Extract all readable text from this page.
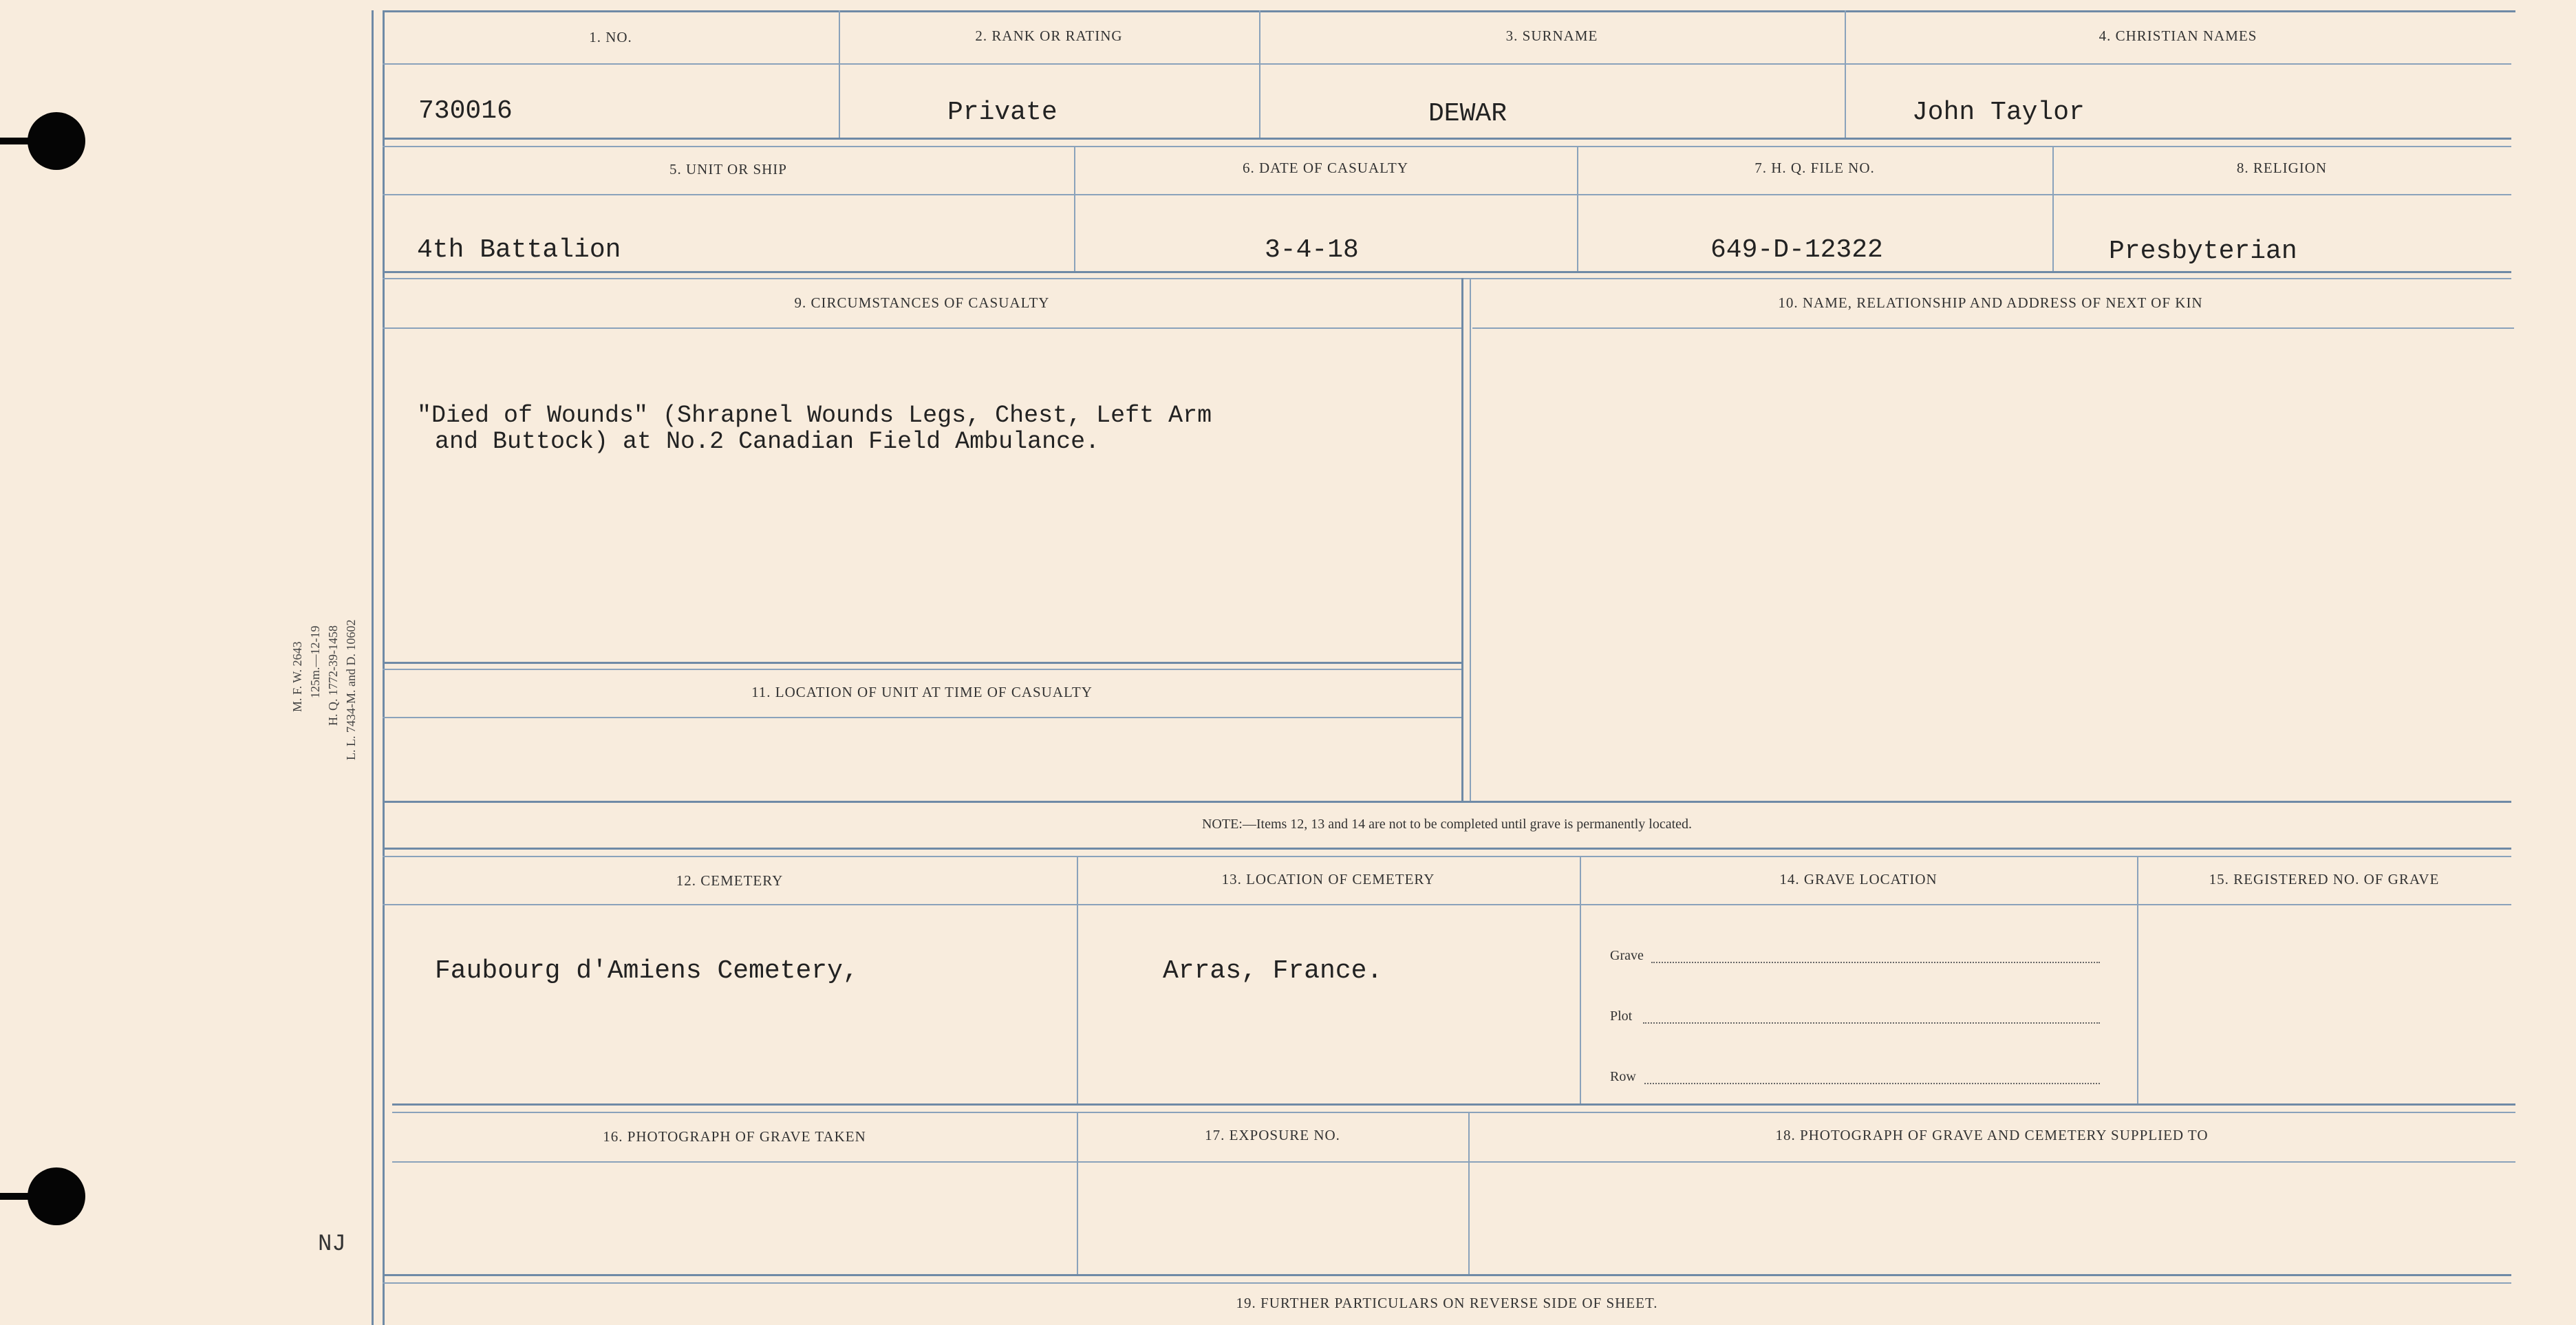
M. F. W. 2643 125m.—12-19 H. Q. 1772-39-1458 L. L. 7434-M. and D. 10602
NJ
1. NO.	2. RANK OR RATING	3. SURNAME	4. CHRISTIAN NAMES
730016	Private	DEWAR	John Taylor
5. UNIT OR SHIP	6. DATE OF CASUALTY	7. H. Q. FILE NO.	8. RELIGION
4th Battalion	3-4-18	649-D-12322	Presbyterian
9. CIRCUMSTANCES OF CASUALTY	10. NAME, RELATIONSHIP AND ADDRESS OF NEXT OF KIN
"Died of Wounds" (Shrapnel Wounds Legs, Chest, Left Arm
and Buttock) at No.2 Canadian Field Ambulance.
11. LOCATION OF UNIT AT TIME OF CASUALTY
NOTE:—Items 12, 13 and 14 are not to be completed until grave is permanently located.
12. CEMETERY	13. LOCATION OF CEMETERY	14. GRAVE LOCATION	15. REGISTERED NO. OF GRAVE
Faubourg d'Amiens Cemetery,	Arras, France.
Grave
Plot
Row
16. PHOTOGRAPH OF GRAVE TAKEN	17. EXPOSURE NO.	18. PHOTOGRAPH OF GRAVE AND CEMETERY SUPPLIED TO
19. FURTHER PARTICULARS ON REVERSE SIDE OF SHEET.
